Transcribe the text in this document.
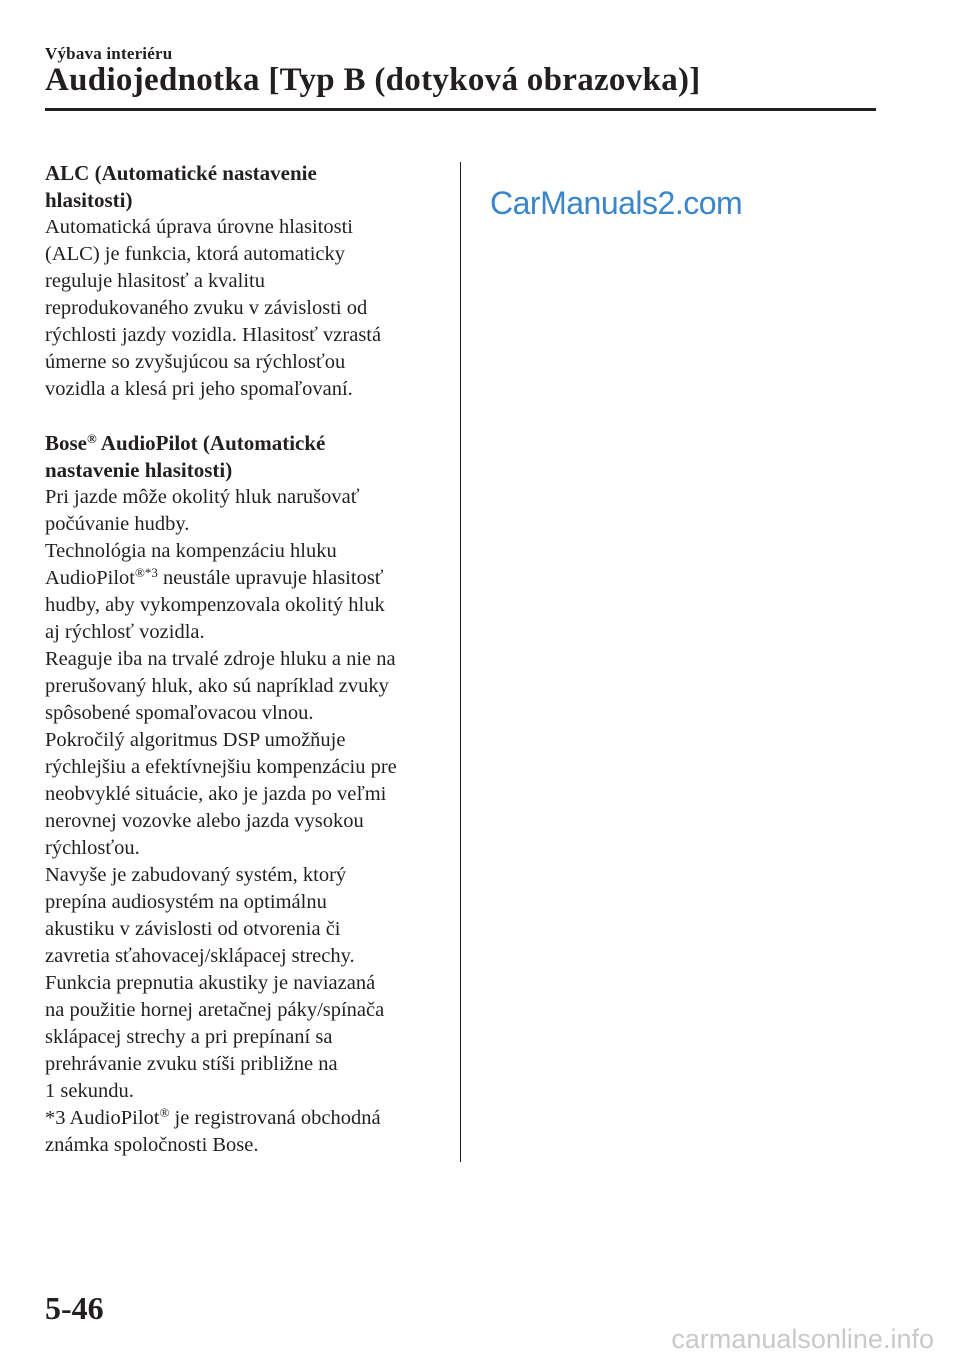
Výbava interiéru
Audiojednotka [Typ B (dotyková obrazovka)]
ALC (Automatické nastavenie
hlasitosti)
Automatická úprava úrovne hlasitosti
(ALC) je funkcia, ktorá automaticky
reguluje hlasitosť a kvalitu
reprodukovaného zvuku v závislosti od
rýchlosti jazdy vozidla. Hlasitosť vzrastá
úmerne so zvyšujúcou sa rýchlosťou
vozidla a klesá pri jeho spomaľovaní.
Bose® AudioPilot (Automatické
nastavenie hlasitosti)
Pri jazde môže okolitý hluk narušovať
počúvanie hudby.
Technológia na kompenzáciu hluku
AudioPilot$^{®*3}$ neustále upravuje hlasitosť
hudby, aby vykompenzovala okolitý hluk
aj rýchlosť vozidla.
Reaguje iba na trvalé zdroje hluku a nie na
prerušovaný hluk, ako sú napríklad zvuky
spôsobené spomaľovacou vlnou.
Pokročilý algoritmus DSP umožňuje
rýchlejšiu a efektívnejšiu kompenzáciu pre
neobvyklé situácie, ako je jazda po veľmi
nerovnej vozovke alebo jazda vysokou
rýchlosťou.
Navyše je zabudovaný systém, ktorý
prepína audiosystém na optimálnu
akustiku v závislosti od otvorenia či
zavretia sťahovacej/sklápacej strechy.
Funkcia prepnutia akustiky je naviazaná
na použitie hornej aretačnej páky/spínača
sklápacej strechy a pri prepínaní sa
prehrávanie zvuku stíši približne na
1 sekundu.
*3 AudioPilot® je registrovaná obchodná
známka spoločnosti Bose.
CarManuals2.com
5-46
carmanualsonline.info
